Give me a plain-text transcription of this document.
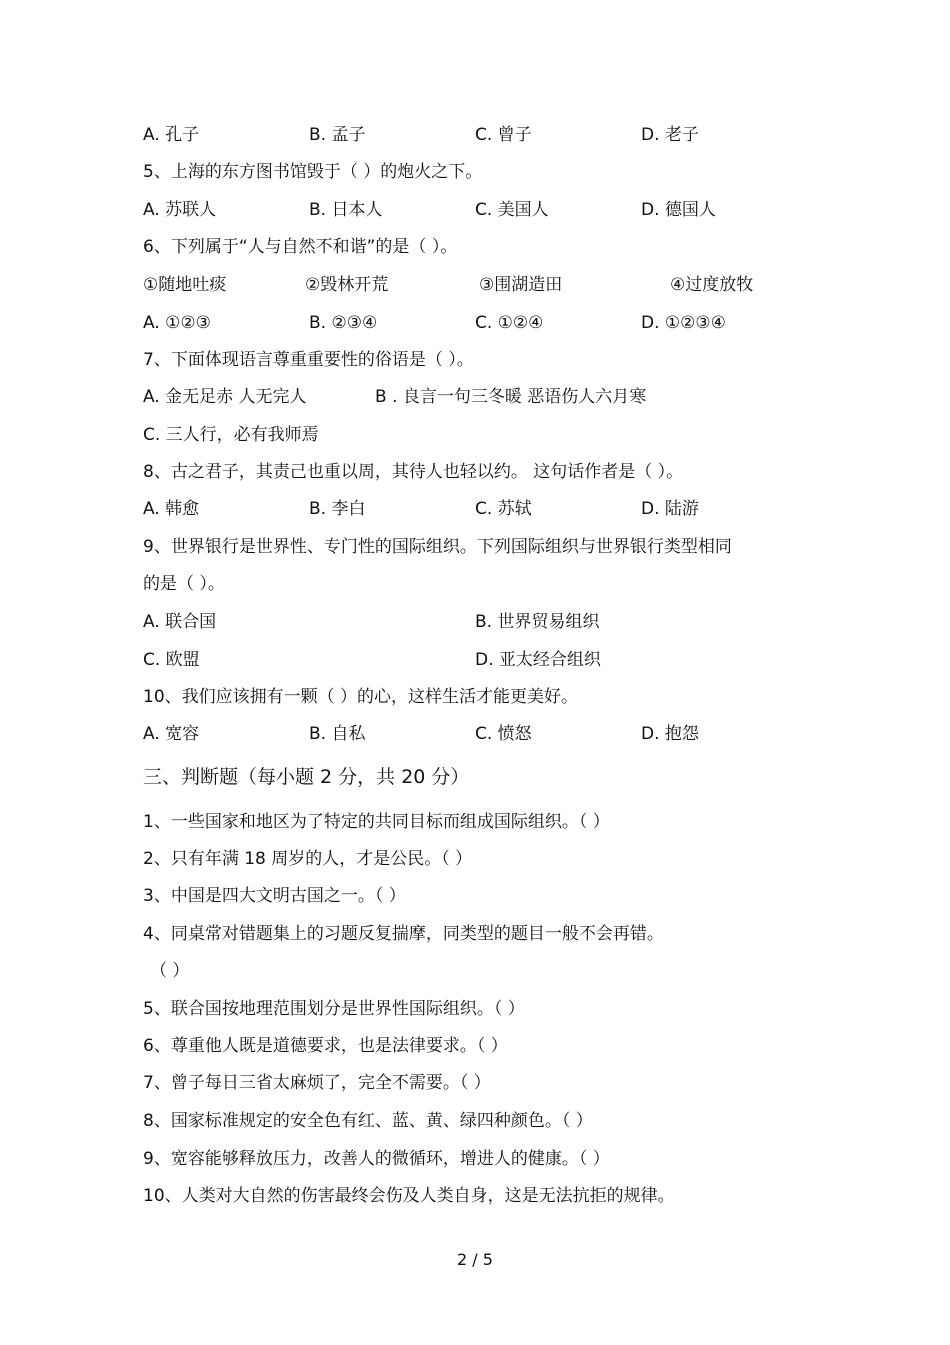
A. 孔子	B. 孟子	C. 曾子	D. 老子
5、上海的东方图书馆毁于（ ）的炮火之下。
A. 苏联人	B. 日本人	C. 美国人	D. 德国人
6、下列属于“人与自然不和谐”的是（ ）。
①随地吐痰	②毁林开荒	③围湖造田	④过度放牧
A. ①②③	B. ②③④	C. ①②④	D. ①②③④
7、下面体现语言尊重重要性的俗语是（ ）。
A. 金无足赤 人无完人	B . 良言一句三冬暖 恶语伤人六月寒
C. 三人行，必有我师焉
8、古之君子，其责己也重以周，其待人也轻以约。 这句话作者是（ ）。
A. 韩愈	B. 李白	C. 苏轼	D. 陆游
9、世界银行是世界性、专门性的国际组织。下列国际组织与世界银行类型相同
的是（ ）。
A. 联合国	B. 世界贸易组织
C. 欧盟	D. 亚太经合组织
10、我们应该拥有一颗（ ）的心，这样生活才能更美好。
A. 宽容	B. 自私	C. 愤怒	D. 抱怨
三、判断题（每小题 2 分，共 20 分）
1、一些国家和地区为了特定的共同目标而组成国际组织。（ ）
2、只有年满 18 周岁的人，才是公民。（ ）
3、中国是四大文明古国之一。（ ）
4、同桌常对错题集上的习题反复揣摩，同类型的题目一般不会再错。
（ ）
5、联合国按地理范围划分是世界性国际组织。（ ）
6、尊重他人既是道德要求，也是法律要求。（ ）
7、曾子每日三省太麻烦了，完全不需要。（ ）
8、国家标准规定的安全色有红、蓝、黄、绿四种颜色。（ ）
9、宽容能够释放压力，改善人的微循环，增进人的健康。（ ）
10、人类对大自然的伤害最终会伤及人类自身，这是无法抗拒的规律。
2 / 5
